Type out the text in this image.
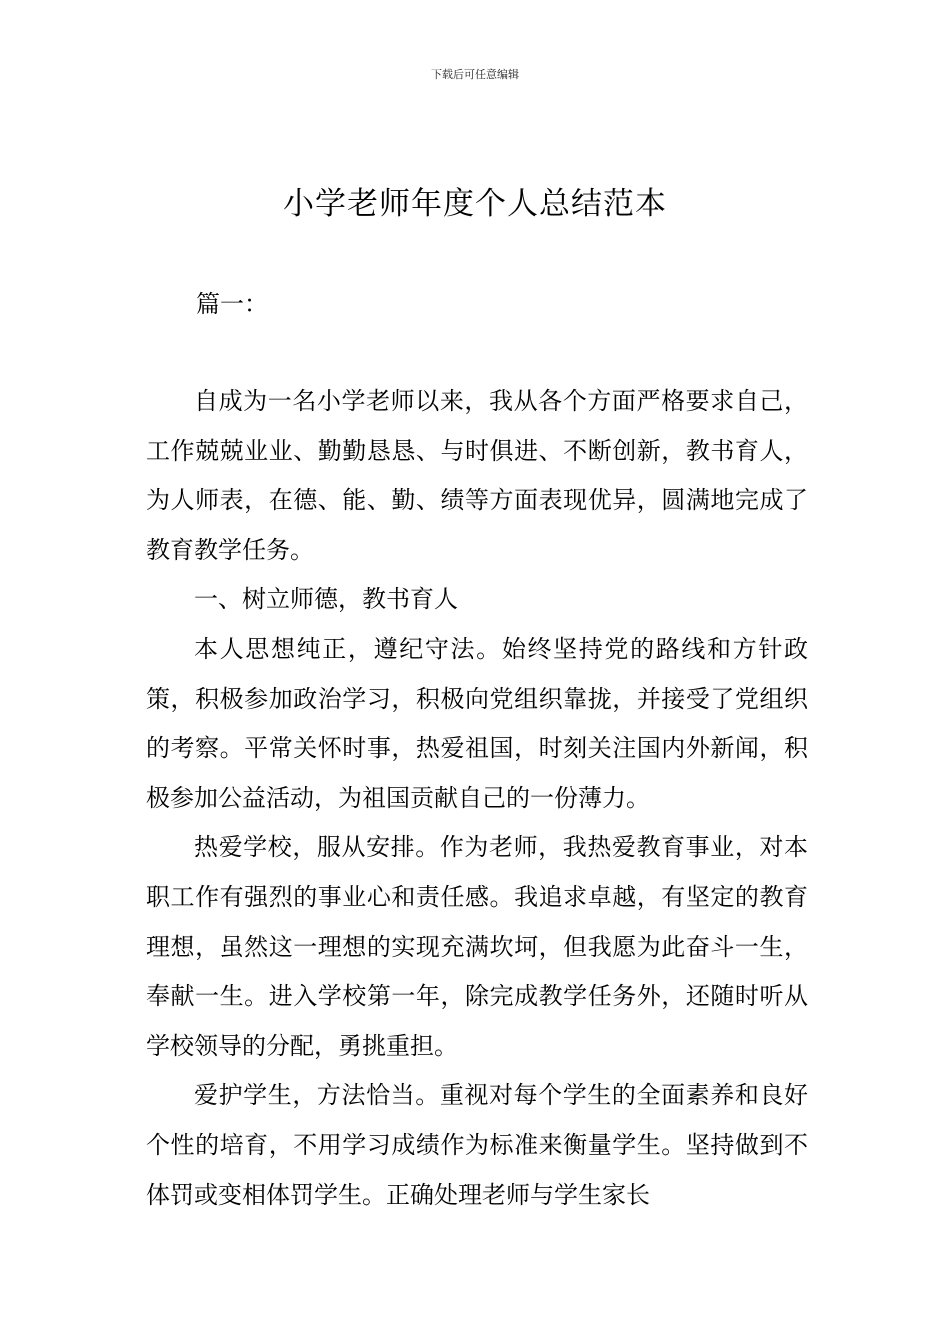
下载后可任意编辑
小学老师年度个人总结范本
篇一：

自成为一名小学老师以来，我从各个方面严格要求自己，工作兢兢业业、勤勤恳恳、与时俱进、不断创新，教书育人，为人师表，在德、能、勤、绩等方面表现优异，圆满地完成了教育教学任务。

一、树立师德，教书育人

本人思想纯正，遵纪守法。始终坚持党的路线和方针政策，积极参加政治学习，积极向党组织靠拢，并接受了党组织的考察。平常关怀时事，热爱祖国，时刻关注国内外新闻，积极参加公益活动，为祖国贡献自己的一份薄力。

热爱学校，服从安排。作为老师，我热爱教育事业，对本职工作有强烈的事业心和责任感。我追求卓越，有坚定的教育理想，虽然这一理想的实现充满坎坷，但我愿为此奋斗一生，奉献一生。进入学校第一年，除完成教学任务外，还随时听从学校领导的分配，勇挑重担。

爱护学生，方法恰当。重视对每个学生的全面素养和良好个性的培育，不用学习成绩作为标准来衡量学生。坚持做到不体罚或变相体罚学生。正确处理老师与学生家长
